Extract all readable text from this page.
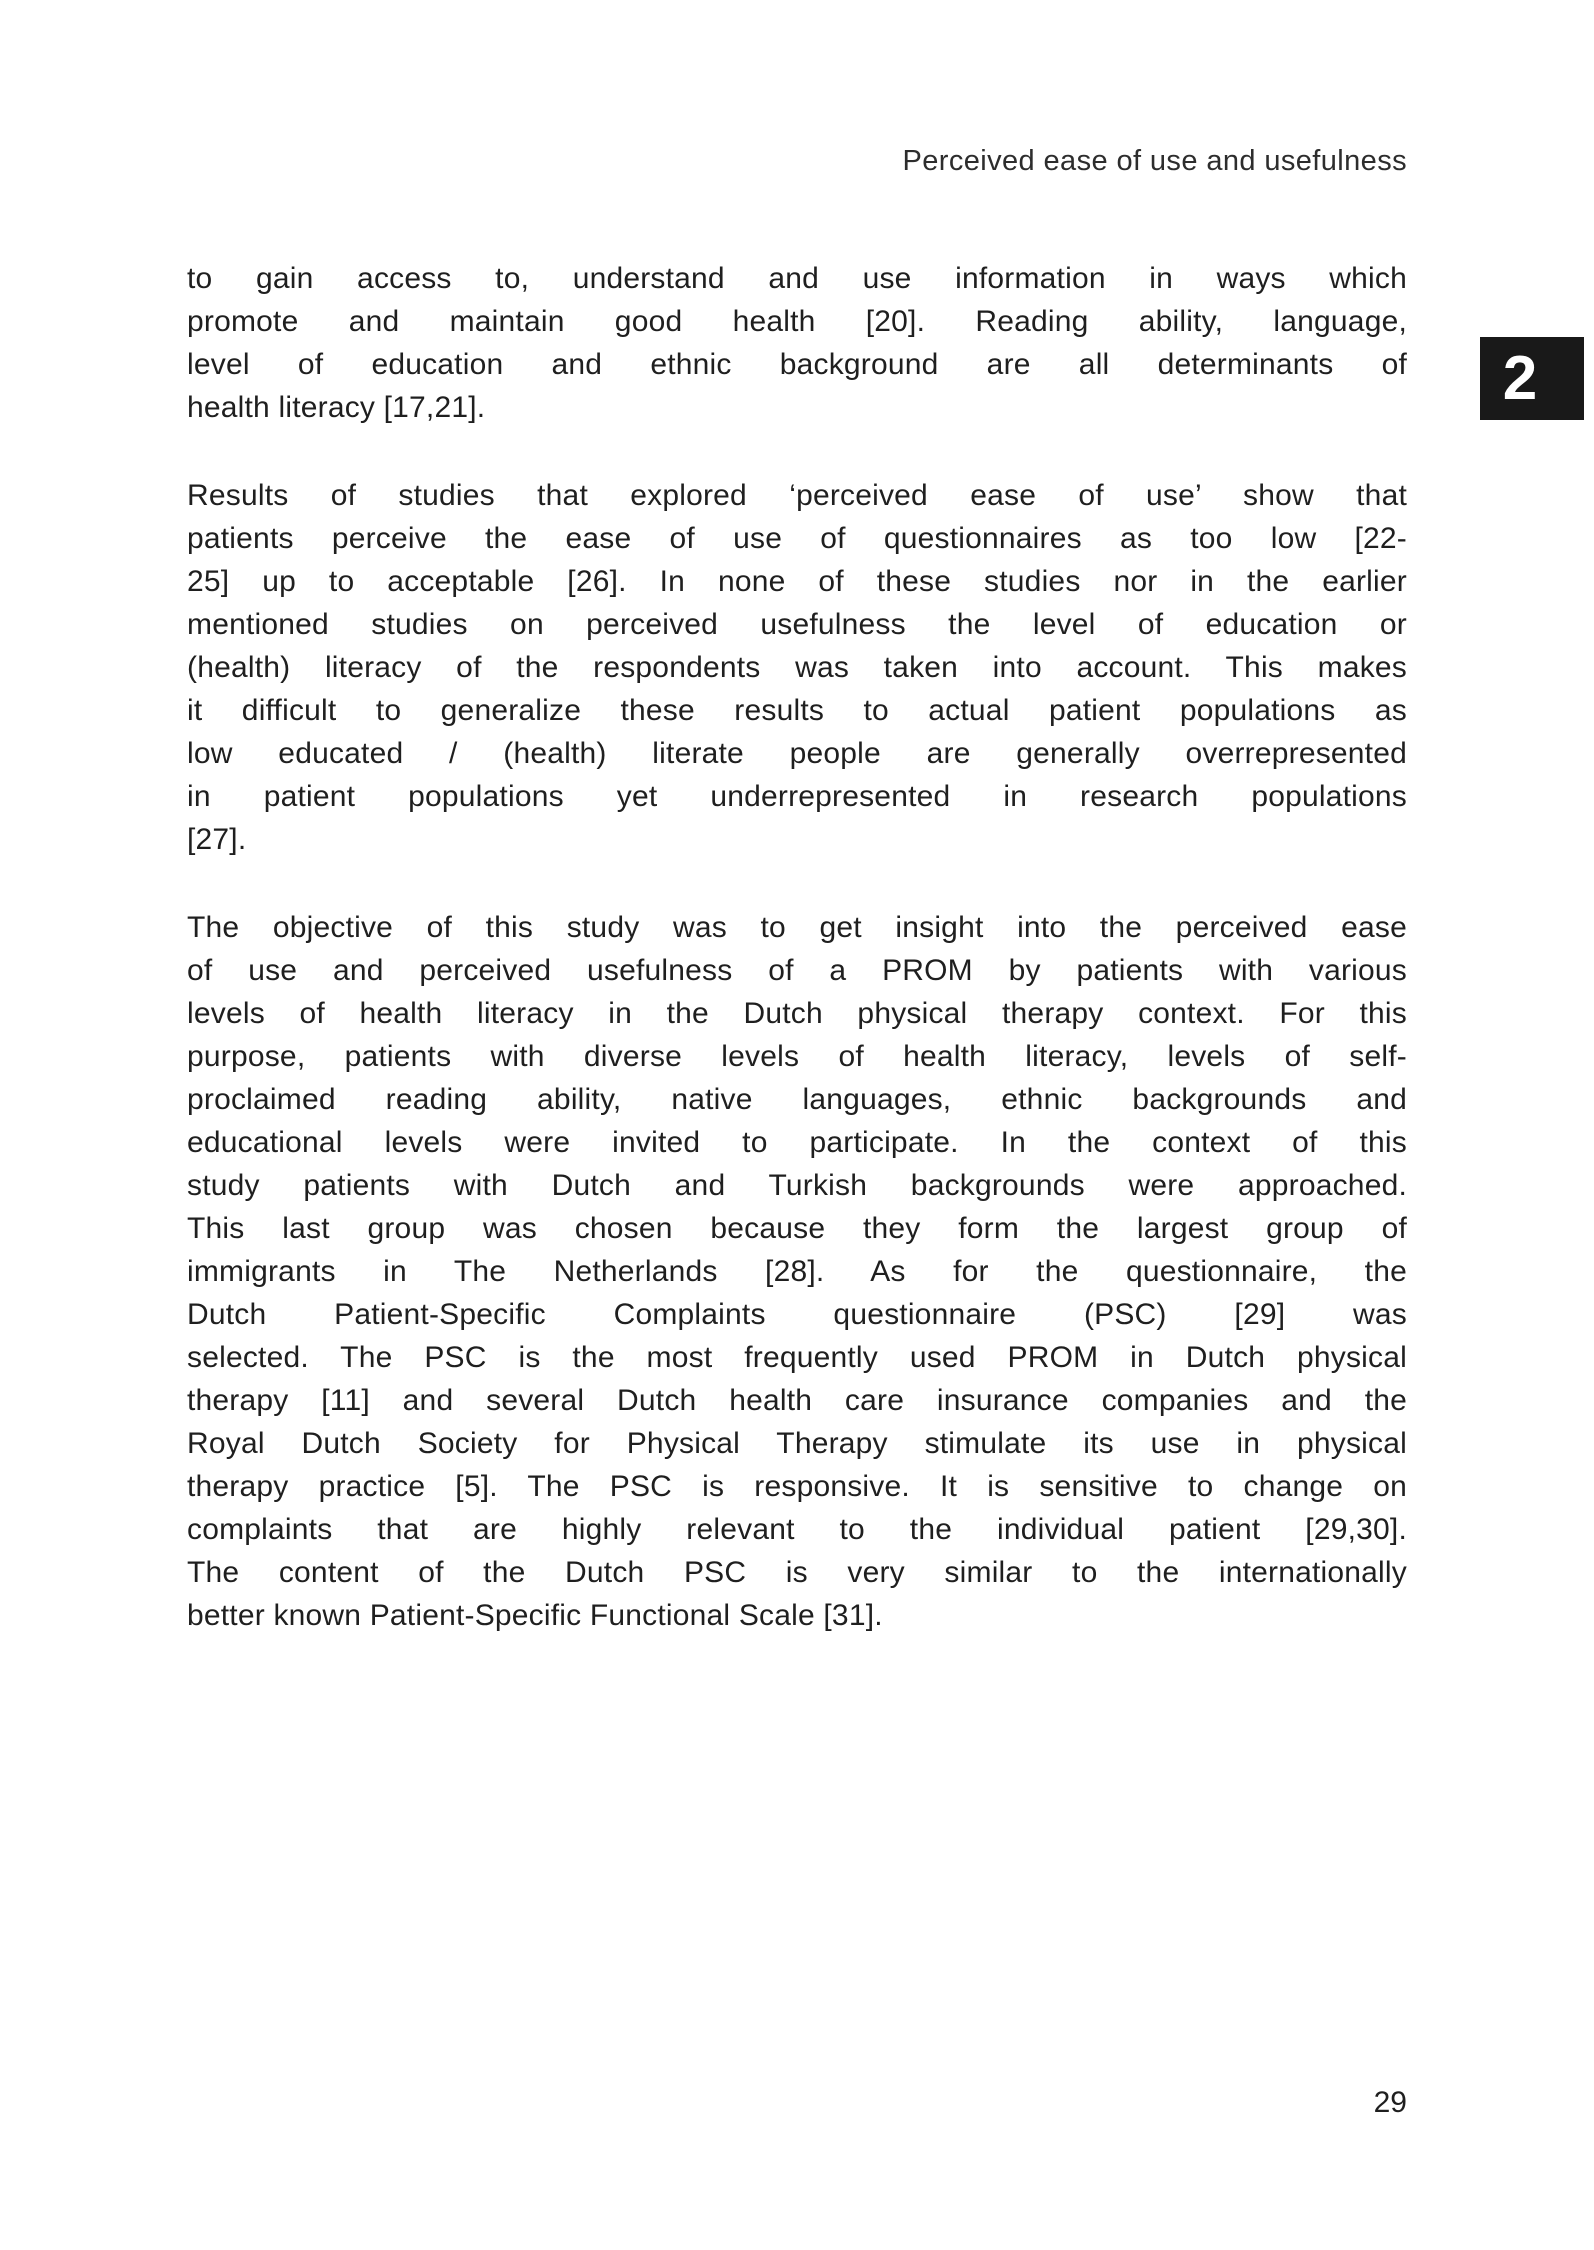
Perceived ease of use and usefulness
2

to gain access to, understand and use information in ways which
promote and maintain good health [20]. Reading ability, language,
level of education and ethnic background are all determinants of
health literacy [17,21].

Results of studies that explored ‘perceived ease of use’ show that
patients perceive the ease of use of questionnaires as too low [22-
25] up to acceptable [26]. In none of these studies nor in the earlier
mentioned studies on perceived usefulness the level of education or
(health) literacy of the respondents was taken into account. This makes
it difficult to generalize these results to actual patient populations as
low educated / (health) literate people are generally overrepresented
in patient populations yet underrepresented in research populations
[27].

The objective of this study was to get insight into the perceived ease
of use and perceived usefulness of a PROM by patients with various
levels of health literacy in the Dutch physical therapy context. For this
purpose, patients with diverse levels of health literacy, levels of self-
proclaimed reading ability, native languages, ethnic backgrounds and
educational levels were invited to participate. In the context of this
study patients with Dutch and Turkish backgrounds were approached.
This last group was chosen because they form the largest group of
immigrants in The Netherlands [28]. As for the questionnaire, the
Dutch Patient-Specific Complaints questionnaire (PSC) [29] was
selected. The PSC is the most frequently used PROM in Dutch physical
therapy [11] and several Dutch health care insurance companies and the
Royal Dutch Society for Physical Therapy stimulate its use in physical
therapy practice [5]. The PSC is responsive. It is sensitive to change on
complaints that are highly relevant to the individual patient [29,30].
The content of the Dutch PSC is very similar to the internationally
better known Patient-Specific Functional Scale [31].

29
